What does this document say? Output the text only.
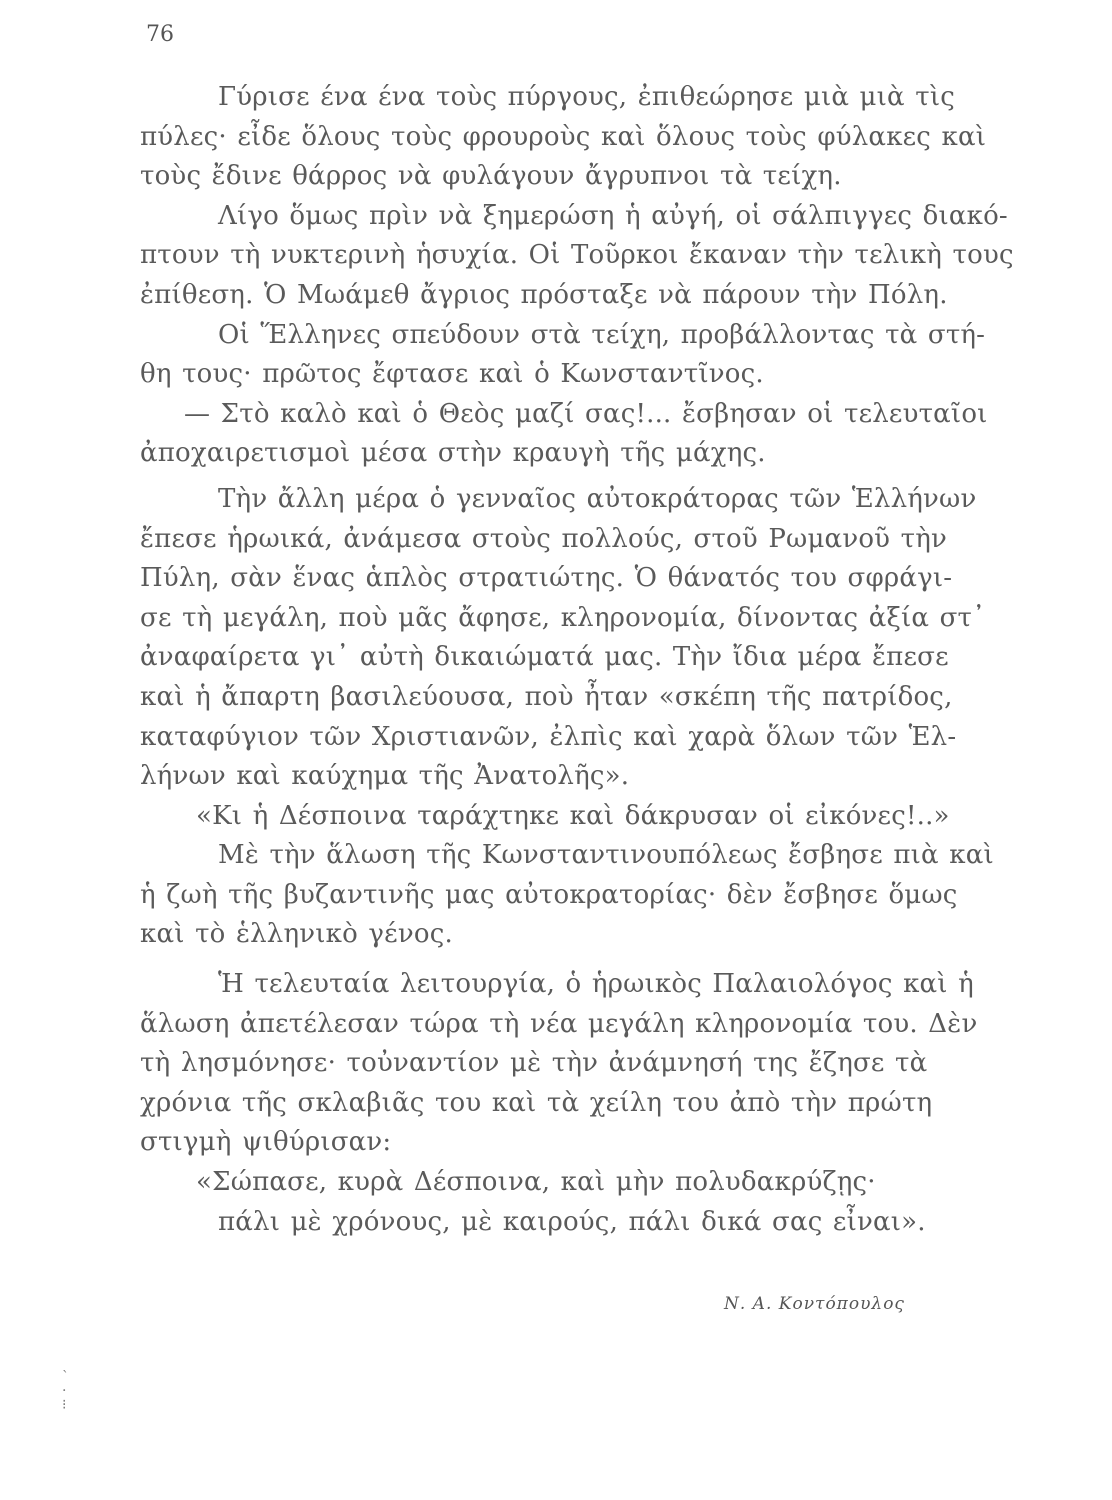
76
Γύρισε ένα ένα τοὺς πύργους, ἐπιθεώρησε μιὰ μιὰ τὶς
πύλες· εἶδε ὅλους τοὺς φρουροὺς καὶ ὅλους τοὺς φύλακες καὶ
τοὺς ἔδινε θάρρος νὰ φυλάγουν ἄγρυπνοι τὰ τείχη.
Λίγο ὅμως πρὶν νὰ ξημερώση ἡ αὐγή, οἱ σάλπιγγες διακό-
πτουν τὴ νυκτερινὴ ἡσυχία. Οἱ Τοῦρκοι ἔκαναν τὴν τελικὴ τους
ἐπίθεση. Ὁ Μωάμεθ ἄγριος πρόσταξε νὰ πάρουν τὴν Πόλη.
Οἱ Ἕλληνες σπεύδουν στὰ τείχη, προβάλλοντας τὰ στή-
θη τους· πρῶτος ἔφτασε καὶ ὁ Κωνσταντῖνος.
— Στὸ καλὸ καὶ ὁ Θεὸς μαζί σας!... ἔσβησαν οἱ τελευταῖοι
ἀποχαιρετισμοὶ μέσα στὴν κραυγὴ τῆς μάχης.
Τὴν ἄλλη μέρα ὁ γενναῖος αὐτοκράτορας τῶν Ἑλλήνων
ἔπεσε ἡρωικά, ἀνάμεσα στοὺς πολλούς, στοῦ Ρωμανοῦ τὴν
Πύλη, σὰν ἕνας ἁπλὸς στρατιώτης. Ὁ θάνατός του σφράγι-
σε τὴ μεγάλη, ποὺ μᾶς ἄφησε, κληρονομία, δίνοντας ἀξία στ᾿
ἀναφαίρετα γι᾿ αὐτὴ δικαιώματά μας. Τὴν ἴδια μέρα ἔπεσε
καὶ ἡ ἄπαρτη βασιλεύουσα, ποὺ ἦταν «σκέπη τῆς πατρίδος,
καταφύγιον τῶν Χριστιανῶν, ἐλπὶς καὶ χαρὰ ὅλων τῶν Ἑλ-
λήνων καὶ καύχημα τῆς Ἀνατολῆς».
«Κι ἡ Δέσποινα ταράχτηκε καὶ δάκρυσαν οἱ εἰκόνες!..»
Μὲ τὴν ἅλωση τῆς Κωνσταντινουπόλεως ἔσβησε πιὰ καὶ
ἡ ζωὴ τῆς βυζαντινῆς μας αὐτοκρατορίας· δὲν ἔσβησε ὅμως
καὶ τὸ ἑλληνικὸ γένος.
Ἡ τελευταία λειτουργία, ὁ ἡρωικὸς Παλαιολόγος καὶ ἡ
ἅλωση ἀπετέλεσαν τώρα τὴ νέα μεγάλη κληρονομία του. Δὲν
τὴ λησμόνησε· τοὐναντίον μὲ τὴν ἀνάμνησή της ἔζησε τὰ
χρόνια τῆς σκλαβιᾶς του καὶ τὰ χείλη του ἀπὸ τὴν πρώτη
στιγμὴ ψιθύρισαν:
«Σώπασε, κυρὰ Δέσποινα, καὶ μὴν πολυδακρύζῃς·
πάλι μὲ χρόνους, μὲ καιρούς, πάλι δικά σας εἶναι».
Ν. Α. Κοντόπουλος
`
·
⁝
